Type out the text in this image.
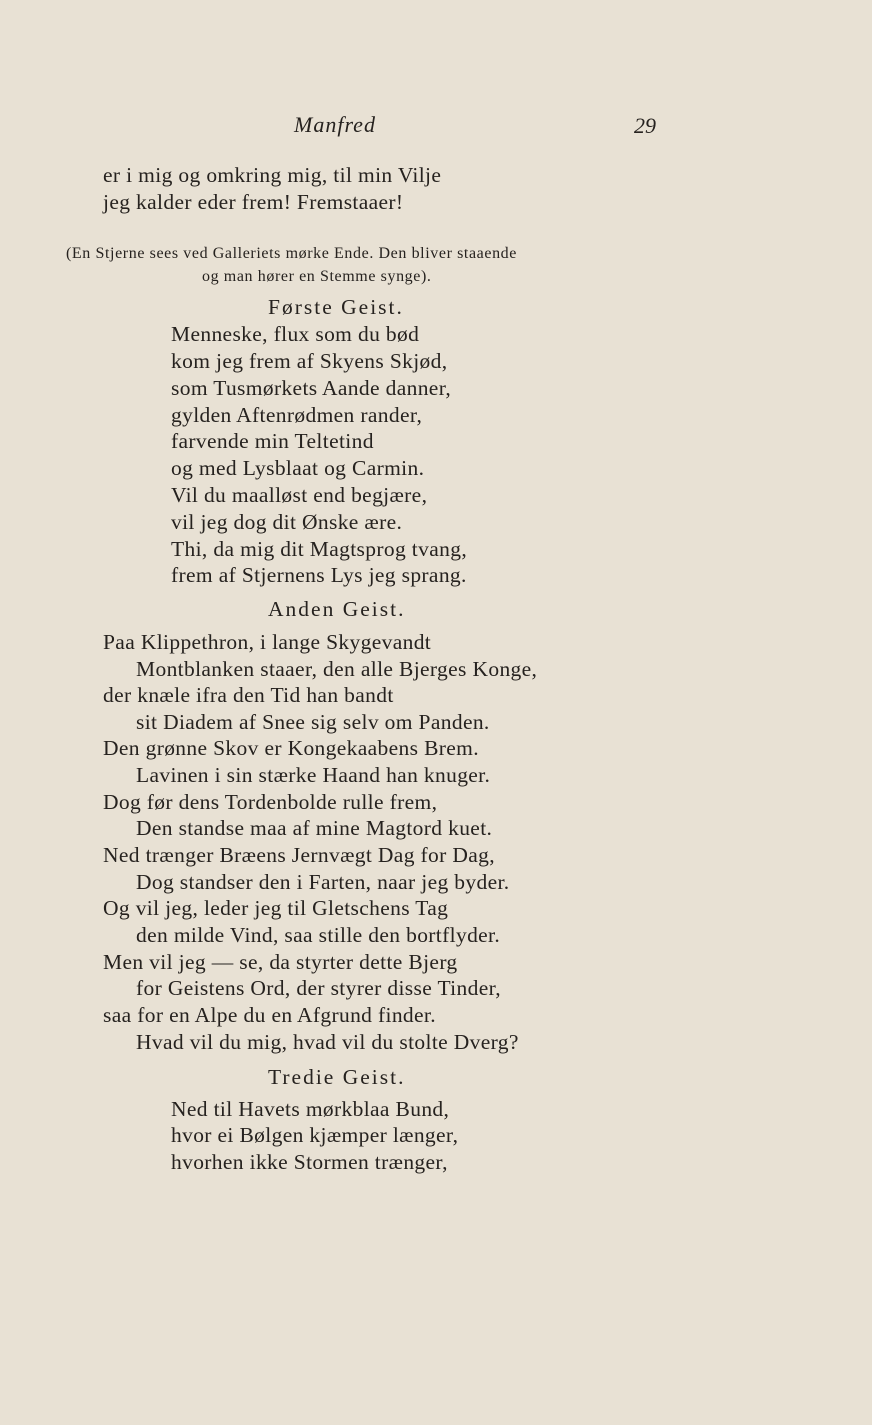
Manfred	29
er i mig og omkring mig, til min Vilje
jeg kalder eder frem! Fremstaaer!
(En Stjerne sees ved Galleriets mørke Ende. Den bliver staaende
og man hører en Stemme synge).
Første Geist.
Menneske, flux som du bød
kom jeg frem af Skyens Skjød,
som Tusmørkets Aande danner,
gylden Aftenrødmen rander,
farvende min Teltetind
og med Lysblaat og Carmin.
Vil du maalløst end begjære,
vil jeg dog dit Ønske ære.
Thi, da mig dit Magtsprog tvang,
frem af Stjernens Lys jeg sprang.
Anden Geist.
Paa Klippethron, i lange Skygevandt
Montblanken staaer, den alle Bjerges Konge,
der knæle ifra den Tid han bandt
sit Diadem af Snee sig selv om Panden.
Den grønne Skov er Kongekaabens Brem.
Lavinen i sin stærke Haand han knuger.
Dog før dens Tordenbolde rulle frem,
Den standse maa af mine Magtord kuet.
Ned trænger Bræens Jernvægt Dag for Dag,
Dog standser den i Farten, naar jeg byder.
Og vil jeg, leder jeg til Gletschens Tag
den milde Vind, saa stille den bortflyder.
Men vil jeg — se, da styrter dette Bjerg
for Geistens Ord, der styrer disse Tinder,
saa for en Alpe du en Afgrund finder.
Hvad vil du mig, hvad vil du stolte Dverg?
Tredie Geist.
Ned til Havets mørkblaa Bund,
hvor ei Bølgen kjæmper længer,
hvorhen ikke Stormen trænger,
